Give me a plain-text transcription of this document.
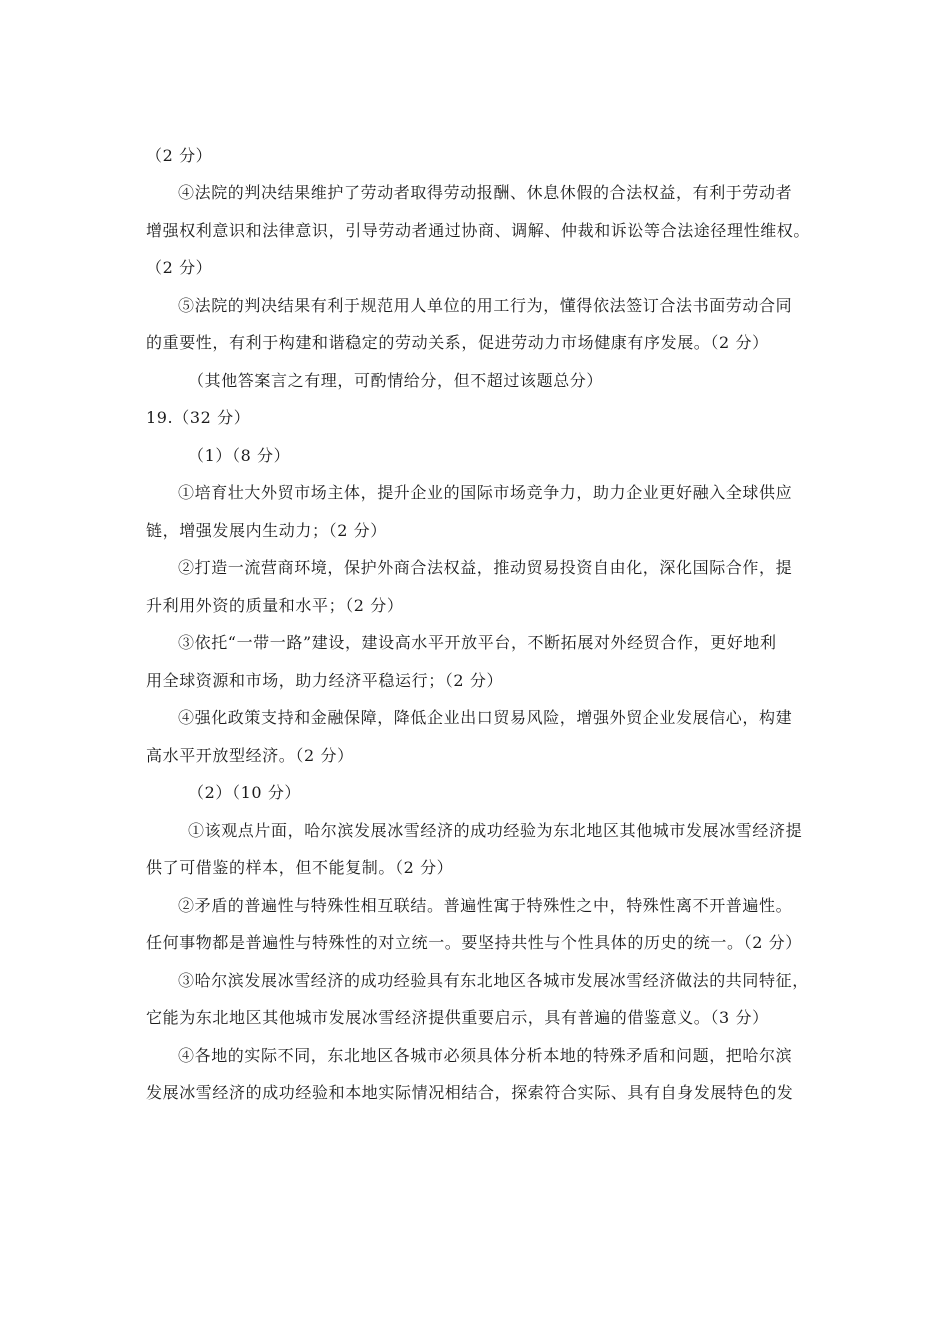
（2 分）
④法院的判决结果维护了劳动者取得劳动报酬、休息休假的合法权益，有利于劳动者
增强权利意识和法律意识，引导劳动者通过协商、调解、仲裁和诉讼等合法途径理性维权。
（2 分）
⑤法院的判决结果有利于规范用人单位的用工行为，懂得依法签订合法书面劳动合同
的重要性，有利于构建和谐稳定的劳动关系，促进劳动力市场健康有序发展。（2 分）
（其他答案言之有理，可酌情给分，但不超过该题总分）
19.（32 分）
（1）（8 分）
①培育壮大外贸市场主体，提升企业的国际市场竞争力，助力企业更好融入全球供应
链，增强发展内生动力；（2 分）
②打造一流营商环境，保护外商合法权益，推动贸易投资自由化，深化国际合作，提
升利用外资的质量和水平；（2 分）
③依托“一带一路”建设，建设高水平开放平台，不断拓展对外经贸合作，更好地利
用全球资源和市场，助力经济平稳运行；（2 分）
④强化政策支持和金融保障，降低企业出口贸易风险，增强外贸企业发展信心，构建
高水平开放型经济。（2 分）
（2）（10 分）
①该观点片面，哈尔滨发展冰雪经济的成功经验为东北地区其他城市发展冰雪经济提
供了可借鉴的样本，但不能复制。（2 分）
②矛盾的普遍性与特殊性相互联结。普遍性寓于特殊性之中，特殊性离不开普遍性。
任何事物都是普遍性与特殊性的对立统一。要坚持共性与个性具体的历史的统一。（2 分）
③哈尔滨发展冰雪经济的成功经验具有东北地区各城市发展冰雪经济做法的共同特征，
它能为东北地区其他城市发展冰雪经济提供重要启示，具有普遍的借鉴意义。（3 分）
④各地的实际不同，东北地区各城市必须具体分析本地的特殊矛盾和问题，把哈尔滨
发展冰雪经济的成功经验和本地实际情况相结合，探索符合实际、具有自身发展特色的发
